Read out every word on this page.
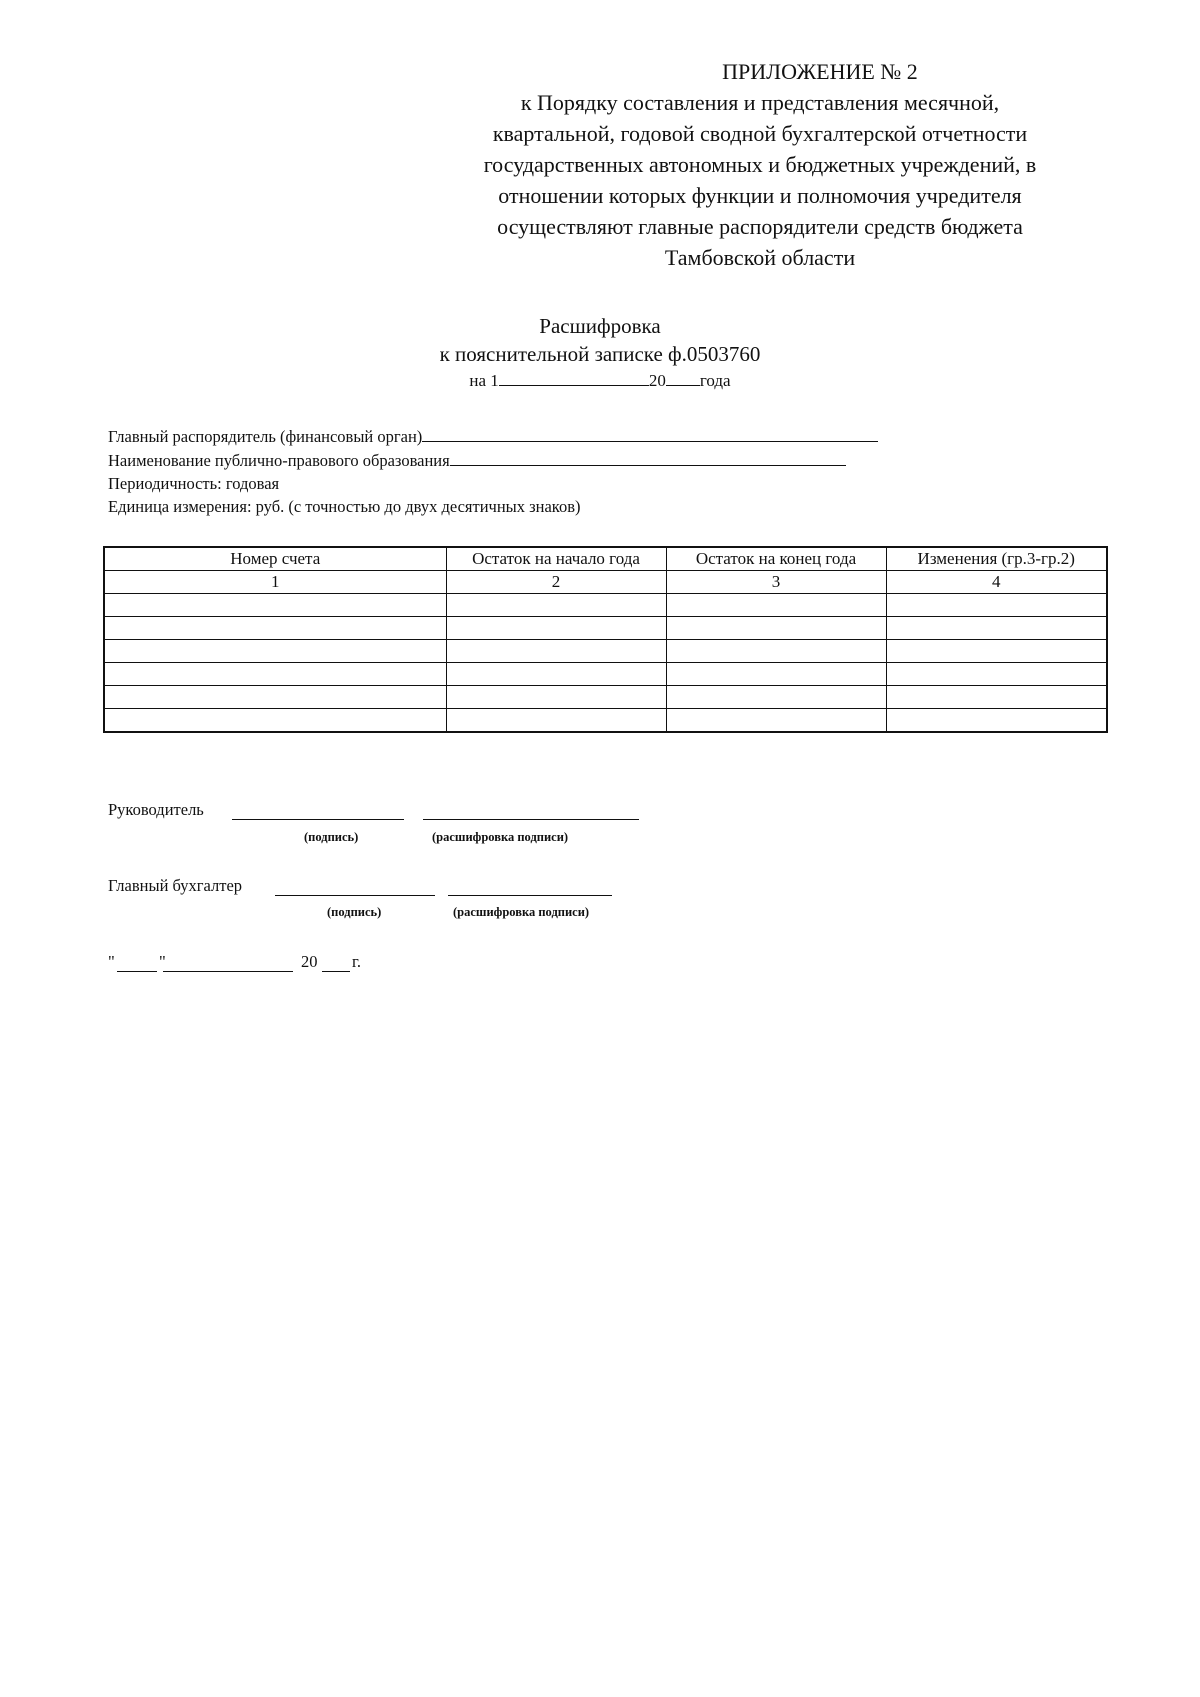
ПРИЛОЖЕНИЕ № 2
к Порядку составления и представления месячной,
квартальной, годовой сводной бухгалтерской отчетности
государственных автономных и бюджетных учреждений, в
отношении которых функции и полномочия учредителя
осуществляют главные распорядители средств бюджета
Тамбовской области
Расшифровка
к пояснительной записке ф.0503760
на 1	20 года
Главный распорядитель (финансовый орган)
Наименование публично-правового образования
Периодичность: годовая
Единица измерения: руб. (с точностью до двух десятичных знаков)
Номер счета	Остаток на начало года	Остаток на конец года	Изменения (гр.3-гр.2)
1	2	3	4

Руководитель
(подпись)	(расшифровка подписи)
Главный бухгалтер
(подпись)	(расшифровка подписи)
"	"	20 г.
